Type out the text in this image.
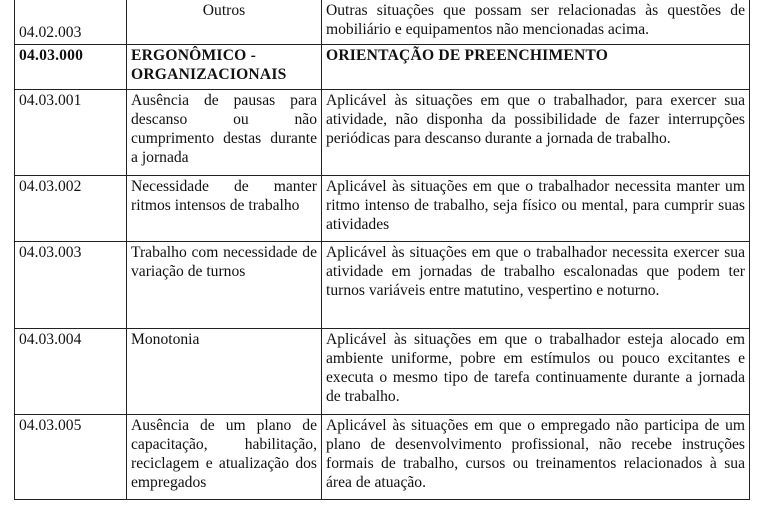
04.02.003	Outros	Outras situações que possam ser relacionadas às questões de mobiliário e equipamentos não mencionadas acima.
04.03.000	ERGONÔMICO - ORGANIZACIONAIS	ORIENTAÇÃO DE PREENCHIMENTO
04.03.001	Ausência de pausas para descanso ou não cumprimento destas durante a jornada	Aplicável às situações em que o trabalhador, para exercer sua atividade, não disponha da possibilidade de fazer interrupções periódicas para descanso durante a jornada de trabalho.
04.03.002	Necessidade de manter ritmos intensos de trabalho	Aplicável às situações em que o trabalhador necessita manter um ritmo intenso de trabalho, seja físico ou mental, para cumprir suas atividades
04.03.003	Trabalho com necessidade de variação de turnos	Aplicável às situações em que o trabalhador necessita exercer sua atividade em jornadas de trabalho escalonadas que podem ter turnos variáveis entre matutino, vespertino e noturno.
04.03.004	Monotonia	Aplicável às situações em que o trabalhador esteja alocado em ambiente uniforme, pobre em estímulos ou pouco excitantes e executa o mesmo tipo de tarefa continuamente durante a jornada de trabalho.
04.03.005	Ausência de um plano de capacitação, habilitação, reciclagem e atualização dos empregados	Aplicável às situações em que o empregado não participa de um plano de desenvolvimento profissional, não recebe instruções formais de trabalho, cursos ou treinamentos relacionados à sua área de atuação.
